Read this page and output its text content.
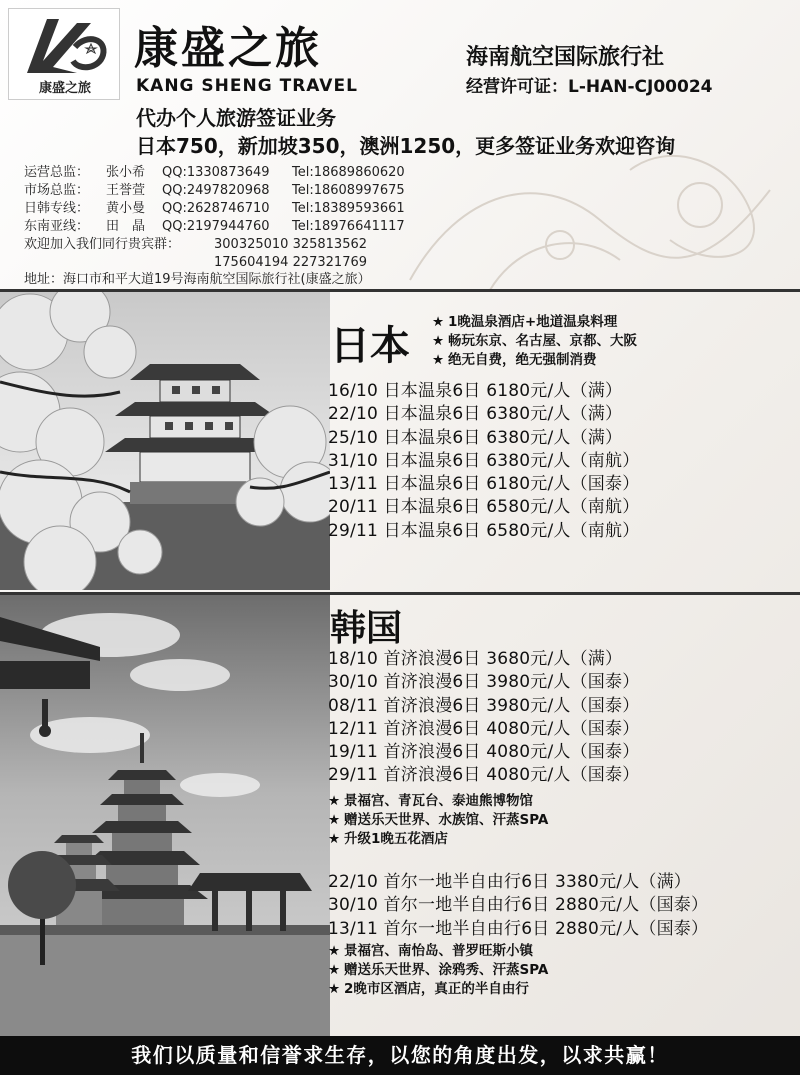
康盛之旅
康盛之旅
KANG SHENG TRAVEL
海南航空国际旅行社
经营许可证：L-HAN-CJ00024
代办个人旅游签证业务
日本750，新加坡350，澳洲1250，更多签证业务欢迎咨询
运营总监：	张小希	QQ:1330873649	Tel:18689860620
市场总监：	王誉萱	QQ:2497820968	Tel:18608997675
日韩专线：	黄小曼	QQ:2628746710	Tel:18389593661
东南亚线：	田　晶	QQ:2197944760	Tel:18976641117
欢迎加入我们同行贵宾群：	300325010 325813562
175604194 227321769
地址：海口市和平大道19号海南航空国际旅行社(康盛之旅）
日本 ★ 1晚温泉酒店+地道温泉料理
★ 畅玩东京、名古屋、京都、大阪
★ 绝无自费，绝无强制消费
16/10 日本温泉6日 6180元/人（满）
22/10 日本温泉6日 6380元/人（满）
25/10 日本温泉6日 6380元/人（满）
31/10 日本温泉6日 6380元/人（南航）
13/11 日本温泉6日 6180元/人（国泰）
20/11 日本温泉6日 6580元/人（南航）
29/11 日本温泉6日 6580元/人（南航）
韩国
18/10 首济浪漫6日 3680元/人（满）
30/10 首济浪漫6日 3980元/人（国泰）
08/11 首济浪漫6日 3980元/人（国泰）
12/11 首济浪漫6日 4080元/人（国泰）
19/11 首济浪漫6日 4080元/人（国泰）
29/11 首济浪漫6日 4080元/人（国泰）
★ 景福宫、青瓦台、泰迪熊博物馆
★ 赠送乐天世界、水族馆、汗蒸SPA
★ 升级1晚五花酒店
22/10 首尔一地半自由行6日 3380元/人（满）
30/10 首尔一地半自由行6日 2880元/人（国泰）
13/11 首尔一地半自由行6日 2880元/人（国泰）
★ 景福宫、南怡岛、普罗旺斯小镇
★ 赠送乐天世界、涂鸦秀、汗蒸SPA
★ 2晚市区酒店，真正的半自由行
我们以质量和信誉求生存，以您的角度出发，以求共赢！
